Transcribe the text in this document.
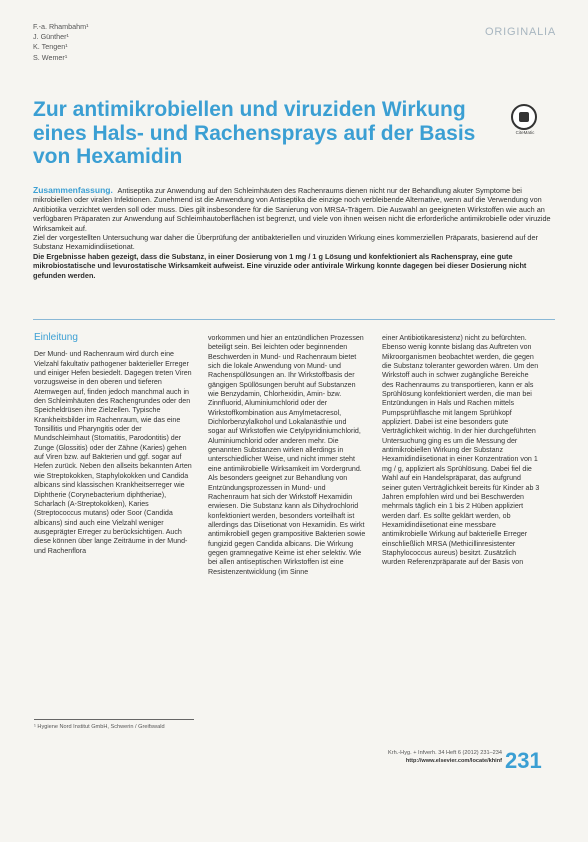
F.-a. Rhambahm¹
J. Günther¹
K. Tengen¹
S. Wemer¹
ORIGINALIA
Zur antimikrobiellen und viruziden Wirkung eines Hals- und Rachensprays auf der Basis von Hexamidin
CiteMatic
Zusammenfassung. Antiseptika zur Anwendung auf den Schleimhäuten des Rachenraums dienen nicht nur der Behandlung akuter Symptome bei mikrobiellen oder viralen Infektionen. Zunehmend ist die Anwendung von Antiseptika die einzige noch verbleibende Alternative, wenn auf die Verwendung von Antibiotika verzichtet werden soll oder muss. Dies gilt insbesondere für die Sanierung von MRSA-Trägern. Die Auswahl an geeigneten Wirkstoffen wie auch an verfügbaren Präparaten zur Anwendung auf Schleimhautoberflächen ist begrenzt, und viele von ihnen weisen nicht die erforderliche antimikrobielle oder viruzide Wirksamkeit auf.
Ziel der vorgestellten Untersuchung war daher die Überprüfung der antibakteriellen und viruziden Wirkung eines kommerziellen Präparats, basierend auf der Substanz Hexamidindiisetionat.
Die Ergebnisse haben gezeigt, dass die Substanz, in einer Dosierung von 1 mg / 1 g Lösung und konfektioniert als Rachenspray, eine gute mikrobiostatische und levurostatische Wirksamkeit aufweist. Eine viruzide oder antivirale Wirkung konnte dagegen bei dieser Dosierung nicht gefunden werden.
Einleitung

Der Mund- und Rachenraum wird durch eine Vielzahl fakultativ pathogener bakterieller Erreger und einiger Hefen besiedelt. Dagegen treten Viren vorzugsweise in den oberen und tieferen Atemwegen auf, finden jedoch manchmal auch in den Schleimhäuten des Rachengrundes oder den Speicheldrüsen ihre Zielzellen. Typische Krankheitsbilder im Rachenraum, wie das eine Tonsillitis und Pharyngitis oder der Mundschleimhaut (Stomatitis, Parodontitis) der Zunge (Glossitis) oder der Zähne (Karies) gehen auf Viren bzw. auf Bakterien und ggf. sogar auf Hefen zurück. Neben den allseits bekannten Arten wie Streptokokken, Staphylokokken und Candida albicans sind klassischen Krankheitserreger wie Diphtherie (Corynebacterium diphtheriae), Scharlach (A-Streptokokken), Karies (Streptococcus mutans) oder Soor (Candida albicans) sind auch eine Vielzahl weniger ausgeprägter Erreger zu berücksichtigen. Auch diese können über lange Zeiträume in der Mund- und Rachenflora

vorkommen und hier an entzündlichen Prozessen beteiligt sein. Bei leichten oder beginnenden Beschwerden in Mund- und Rachenraum bietet sich die lokale Anwendung von Mund- und Rachenspüllösungen an. Ihr Wirkstoffbasis der gängigen Spüllösungen beruht auf Substanzen wie Benzydamin, Chlorhexidin, Amin- bzw. Zinnfluorid, Aluminiumchlorid oder der Wirkstoffkombination aus Amylmetacresol, Dichlorbenzylalkohol und Lokalanästhie und sogar auf Wirkstoffen wie Cetylpyridiniumchlorid, Aluminiumchlorid oder anderen mehr. Die genannten Substanzen wirken allerdings in unterschiedlicher Weise, und nicht immer steht eine antimikrobielle Wirksamkeit im Vordergrund. Als besonders geeignet zur Behandlung von Entzündungsprozessen in Mund- und Rachenraum hat sich der Wirkstoff Hexamidin erwiesen. Die Substanz kann als Dihydrochlorid konfektioniert werden, besonders vorteilhaft ist allerdings das Diisetionat von Hexamidin. Es wirkt antimikrobiell gegen grampositive Bakterien sowie fungizid gegen Candida albicans. Die Wirkung gegen gramnegative Keime ist eher selektiv. Wie bei allen antiseptischen Wirkstoffen ist eine Resistenzentwicklung (im Sinne

einer Antibiotikaresistenz) nicht zu befürchten. Ebenso wenig konnte bislang das Auftreten von Mikroorganismen beobachtet werden, die gegen die Substanz toleranter geworden wären. Um den Wirkstoff auch in schwer zugängliche Bereiche des Rachenraums zu transportieren, kann er als Sprühlösung konfektioniert werden, die man bei Entzündungen in Hals und Rachen mittels Pumpsprühflasche mit langem Sprühkopf appliziert. Dabei ist eine besonders gute Verträglichkeit wichtig. In der hier durchgeführten Untersuchung ging es um die Messung der antimikrobiellen Wirkung der Substanz Hexamidindiisetionat in einer Konzentration von 1 mg / g, appliziert als Sprühlösung. Dabei fiel die Wahl auf ein Handelspräparat, das aufgrund seiner guten Verträglichkeit bereits für Kinder ab 3 Jahren empfohlen wird und bei Beschwerden mehrmals täglich ein 1 bis 2 Hüben appliziert werden darf. Es sollte geklärt werden, ob Hexamidindiisetionat eine messbare antimikrobielle Wirkung auf bakterielle Erreger einschließlich MRSA (Methicillinresistenter Staphylococcus aureus) besitzt. Zusätzlich wurden Referenzpräparate auf der Basis von

¹ Hygiene Nord Institut GmbH, Schwerin / Greifswald
Krh.-Hyg. + Infverh. 34 Heft 6 (2012) 231–234
http://www.elsevier.com/locate/khinf 231
